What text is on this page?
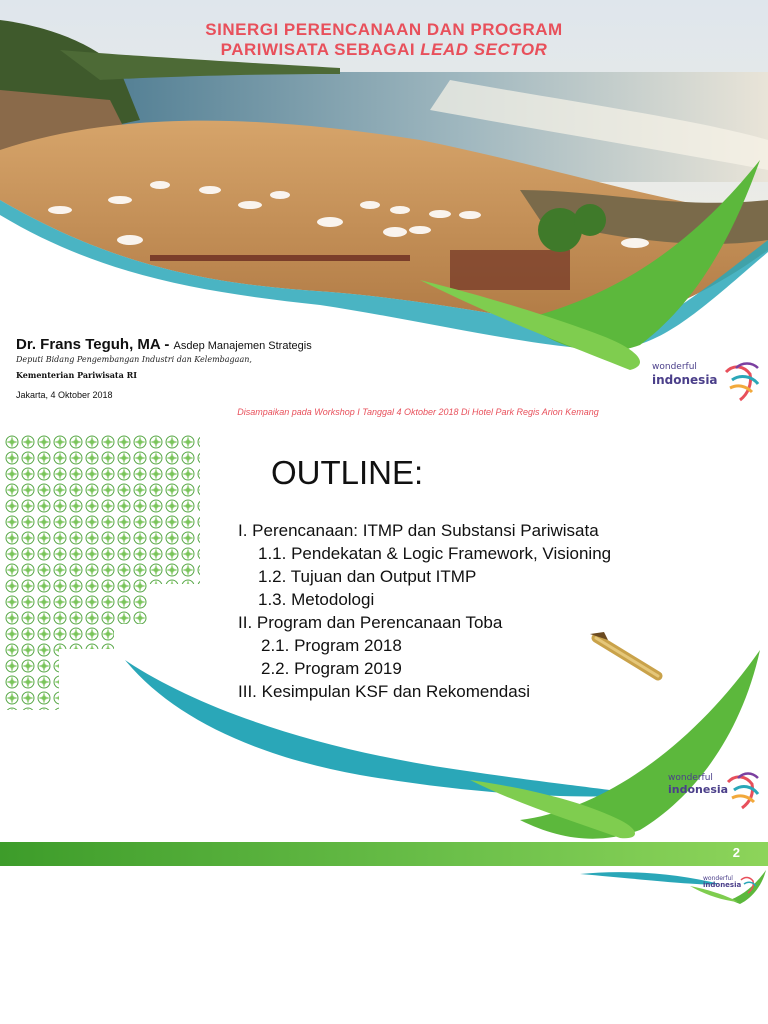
SINERGI PERENCANAAN DAN PROGRAM
PARIWISATA SEBAGAI LEAD SECTOR
Dr. Frans Teguh, MA - Asdep Manajemen Strategis
Deputi Bidang Pengembangan Industri dan Kelembagaan,
Kementerian Pariwisata RI
Jakarta, 4 Oktober 2018
Disampaikan pada Workshop I Tanggal 4 Oktober 2018 Di Hotel Park Regis Arion Kemang
wonderful
indonesia
OUTLINE:
I. Perencanaan: ITMP dan Substansi Pariwisata
1.1. Pendekatan & Logic Framework, Visioning
1.2. Tujuan dan Output ITMP
1.3. Metodologi
II. Program dan Perencanaan Toba
2.1. Program 2018
2.2. Program 2019
III. Kesimpulan KSF dan Rekomendasi
wonderful
indonesia
2
wonderful
indonesia
